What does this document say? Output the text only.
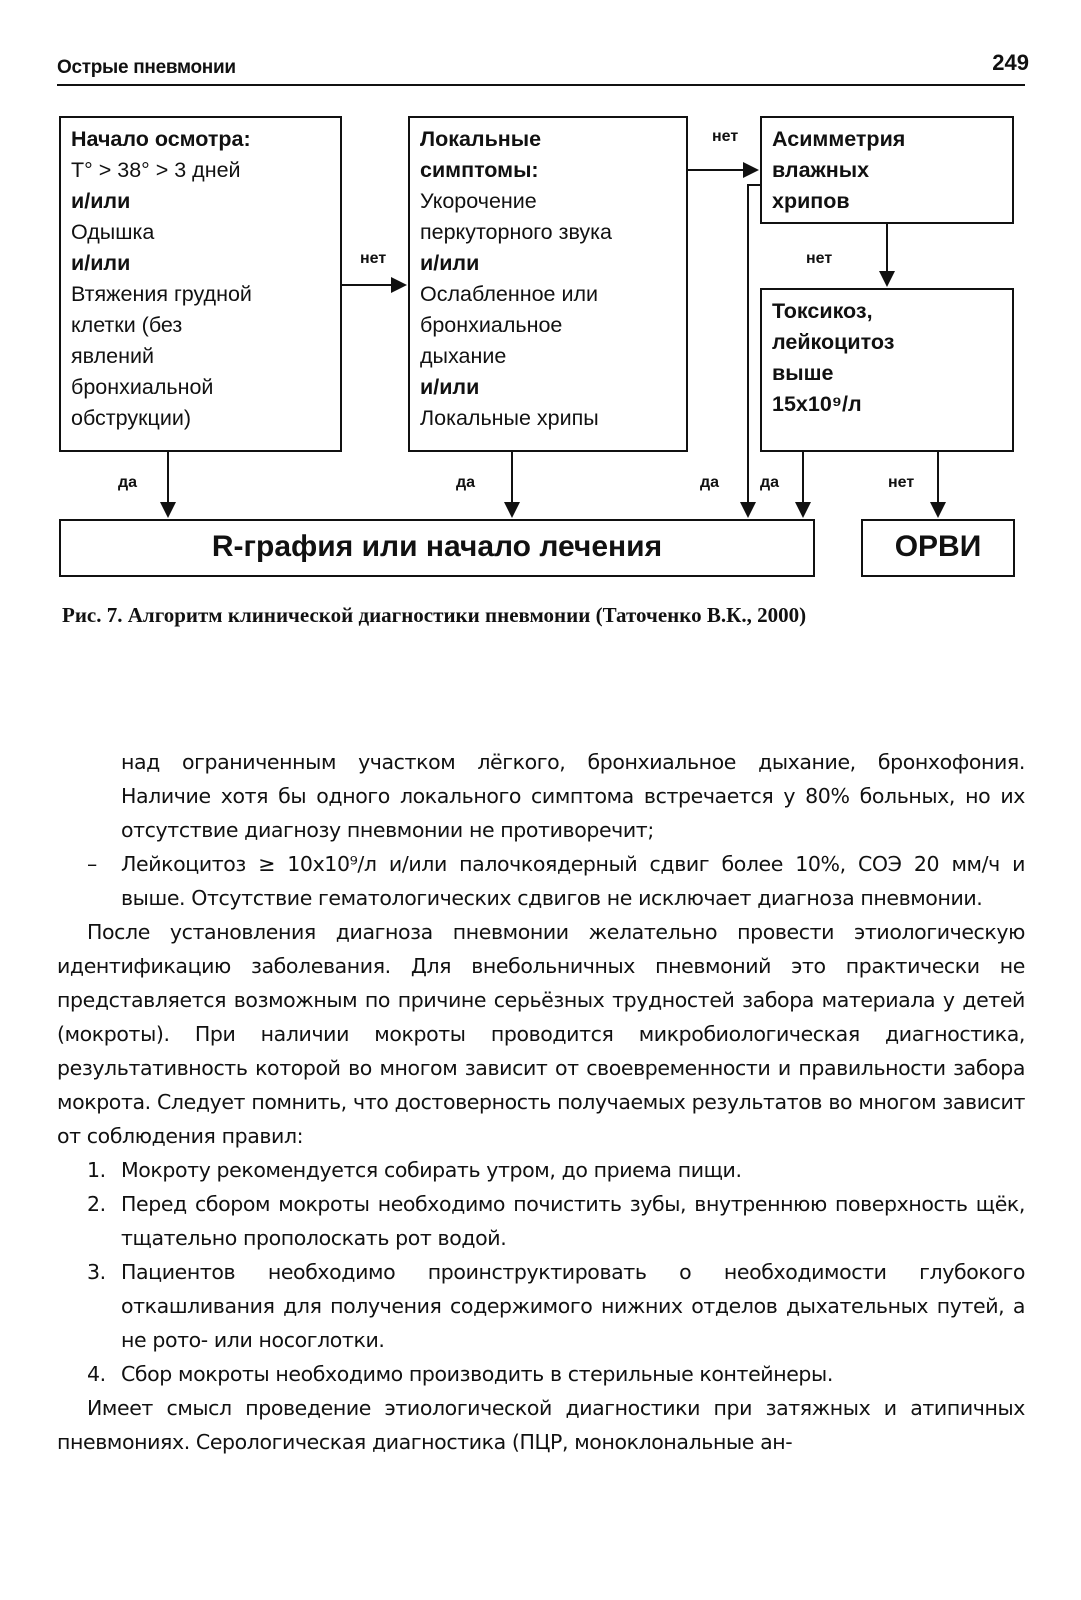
Острые пневмонии	249
Начало осмотра:
T° > 38° > 3 дней
и/или
Одышка
и/или
Втяжения грудной
клетки (без
явлений
бронхиальной
обструкции)
Локальные
симптомы:
Укорочение
перкуторного звука
и/или
Ослабленное или
бронхиальное
дыхание
и/или
Локальные хрипы
Асимметрия
влажных
хрипов
Токсикоз,
лейкоцитоз
выше
15x10⁹/л
R-графия или начало лечения	ОРВИ
нет
нет
нет
нет
да	да	да	да
Рис. 7. Алгоритм клинической диагностики пневмонии (Таточенко В.К., 2000)
над ограниченным участком лёгкого, бронхиальное дыхание, бронхофония. Наличие хотя бы одного локального симптома встречается у 80% больных, но их отсутствие диагнозу пневмонии не противоречит;
– Лейкоцитоз ≥ 10x10⁹/л и/или палочкоядерный сдвиг более 10%, СОЭ 20 мм/ч и выше. Отсутствие гематологических сдвигов не исключает диагноза пневмонии.
После установления диагноза пневмонии желательно провести этиологическую идентификацию заболевания. Для внебольничных пневмоний это практически не представляется возможным по причине серьёзных трудностей забора материала у детей (мокроты). При наличии мокроты проводится микробиологическая диагностика, результативность которой во многом зависит от своевременности и правильности забора мокрота. Следует помнить, что достоверность получаемых результатов во многом зависит от соблюдения правил:
1. Мокроту рекомендуется собирать утром, до приема пищи.
2. Перед сбором мокроты необходимо почистить зубы, внутреннюю поверхность щёк, тщательно прополоскать рот водой.
3. Пациентов необходимо проинструктировать о необходимости глубокого откашливания для получения содержимого нижних отделов дыхательных путей, а не рото- или носоглотки.
4. Сбор мокроты необходимо производить в стерильные контейнеры.
Имеет смысл проведение этиологической диагностики при затяжных и атипичных пневмониях. Серологическая диагностика (ПЦР, моноклональные ан-
